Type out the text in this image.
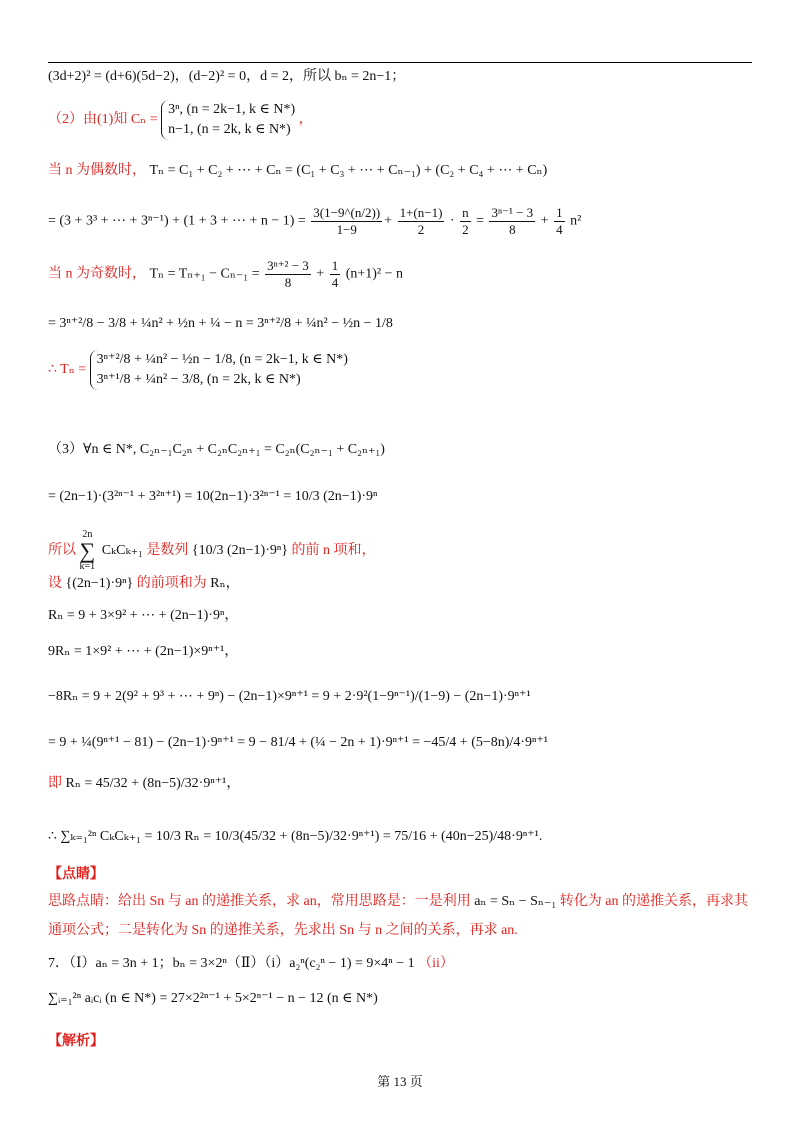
(3d+2)² = (d+6)(5d−2)，(d−2)² = 0，d = 2，所以 bₙ = 2n−1；
（2）由(1)知 Cₙ =
3ⁿ, (n = 2k−1, k ∈ N*)
n−1, (n = 2k, k ∈ N*)
，
当 n 为偶数时， Tₙ = C₁ + C₂ + ⋯ + Cₙ = (C₁ + C₃ + ⋯ + Cₙ₋₁) + (C₂ + C₄ + ⋯ + Cₙ)
= (3 + 3³ + ⋯ + 3ⁿ⁻¹) + (1 + 3 + ⋯ + $n - 1) = \frac{3(1-9\^{}(n/2))}{1-9} + \frac{1+(n-1)}{2} \cdot \frac{n}{2} = \frac{\text{3ⁿ⁻¹ − 3}}{8} + \frac{1}{4} n^2$
当 n 为奇数时， $T_n = T_{n+1} - C_{n-1} = \frac{\text{3ⁿ⁺² − 3}}{8} + \frac{1}{4} (n+1)^2 - n$
= 3ⁿ⁺²/8 − 3/8 + ¼n² + ½n + ¼ − n = 3ⁿ⁺²/8 + ¼n² − ½n − 1/8
∴ Tₙ =
3ⁿ⁺²/8 + ¼n² − ½n − 1/8, (n = 2k−1, k ∈ N*)
3ⁿ⁺¹/8 + ¼n² − 3/8, (n = 2k, k ∈ N*)
（3）∀n ∈ N*, C₂ₙ₋₁C₂ₙ + C₂ₙC₂ₙ₊₁ = C₂ₙ(C₂ₙ₋₁ + C₂ₙ₊₁)
= (2n−1)·(3²ⁿ⁻¹ + 3²ⁿ⁺¹) = 10(2n−1)·3²ⁿ⁻¹ = 10/3 (2n−1)·9ⁿ
所以 2n
∑
k=1 CₖCₖ₊₁ 是数列 {10/3 (2n−1)·9ⁿ} 的前 n 项和，
设 {(2n−1)·9ⁿ} 的前项和为 Rₙ，
Rₙ = 9 + 3×9² + ⋯ + (2n−1)·9ⁿ，
9Rₙ = 1×9² + ⋯ + (2n−1)×9ⁿ⁺¹，
−8Rₙ = 9 + 2(9² + 9³ + ⋯ + 9ⁿ) − (2n−1)×9ⁿ⁺¹ = 9 + 2·9²(1−9ⁿ⁻¹)/(1−9) − (2n−1)·9ⁿ⁺¹
= 9 + ¼(9ⁿ⁺¹ − 81) − (2n−1)·9ⁿ⁺¹ = 9 − 81/4 + (¼ − 2n + 1)·9ⁿ⁺¹ = −45/4 + (5−8n)/4·9ⁿ⁺¹
即 Rₙ = 45/32 + (8n−5)/32·9ⁿ⁺¹，
∴ ∑ₖ₌₁²ⁿ CₖCₖ₊₁ = 10/3 Rₙ = 10/3(45/32 + (8n−5)/32·9ⁿ⁺¹) = 75/16 + (40n−25)/48·9ⁿ⁺¹.
【点睛】
思路点睛：给出 Sn 与 an 的递推关系，求 an，常用思路是：一是利用 aₙ = Sₙ − Sₙ₋₁ 转化为 an 的递推关系，再求其
通项公式；二是转化为 Sn 的递推关系，先求出 Sn 与 n 之间的关系，再求 an.
7．（Ⅰ）aₙ = 3n + 1；bₙ = 3×2ⁿ（Ⅱ）（i）a₂ⁿ(c₂ⁿ − 1) = 9×4ⁿ − 1 （ii）
∑ᵢ₌₁²ⁿ aᵢcᵢ (n ∈ N*) = 27×2²ⁿ⁻¹ + 5×2ⁿ⁻¹ − n − 12 (n ∈ N*)
【解析】
第 13 页
